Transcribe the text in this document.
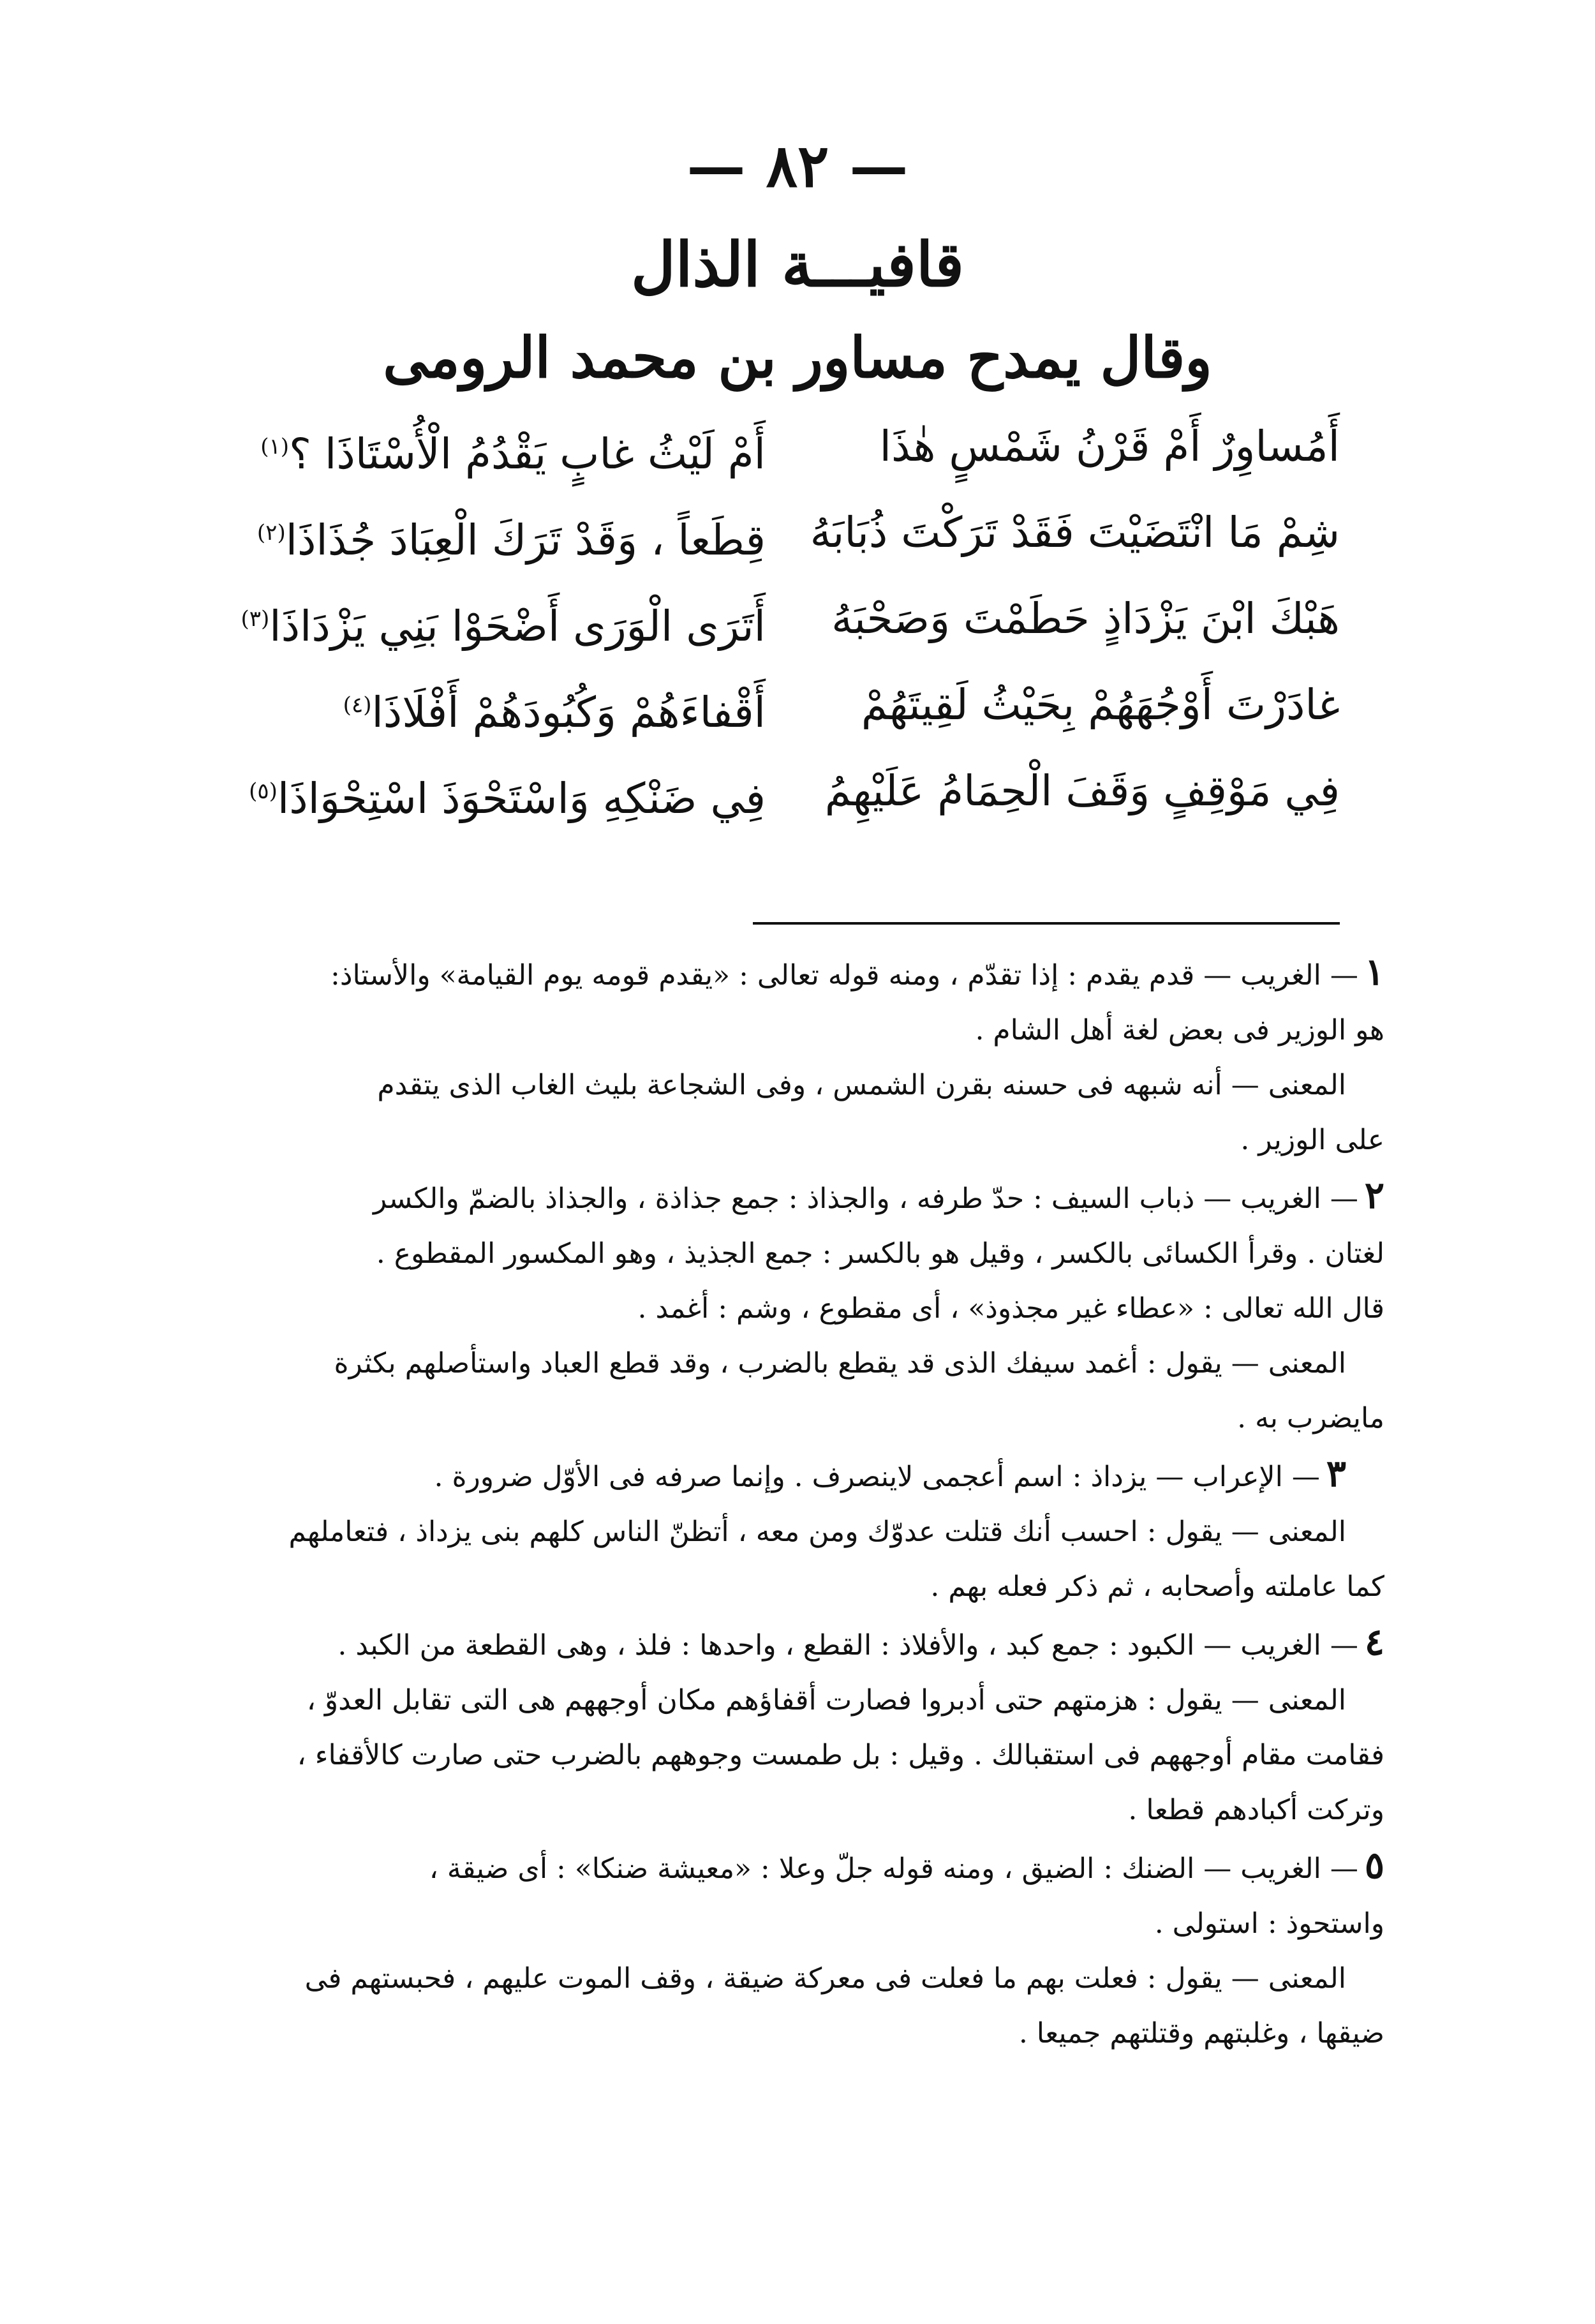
— ٨٢ —
قافيـــة الذال
وقال يمدح مساور بن محمد الرومى
أَمُساوِرٌ أَمْ قَرْنُ شَمْسٍ هٰذَا
أَمْ لَيْثُ غابٍ يَقْدُمُ الْأُسْتَاذَا ؟$^{(١)}$
شِمْ مَا انْتَضَيْتَ فَقَدْ تَرَكْتَ ذُبَابَهُ
قِطَعاً ، وَقَدْ تَرَكَ الْعِبَادَ جُذَاذَا$^{(٢)}$
هَبْكَ ابْنَ يَزْدَاذٍ حَطَمْتَ وَصَحْبَهُ
أَتَرَى الْوَرَى أَضْحَوْا بَنِي يَزْدَاذَا$^{(٣)}$
غادَرْتَ أَوْجُهَهُمْ بِحَيْثُ لَقِيتَهُمْ
أَقْفاءَهُمْ وَكُبُودَهُمْ أَفْلَاذَا$^{(٤)}$
فِي مَوْقِفٍ وَقَفَ الْحِمَامُ عَلَيْهِمُ
فِي ضَنْكِهِ وَاسْتَحْوَذَ اسْتِحْوَاذَا$^{(٥)}$
١— الغريب — قدم يقدم : إذا تقدّم ، ومنه قوله تعالى : «يقدم قومه يوم القيامة» والأستاذ:
هو الوزير فى بعض لغة أهل الشام .
المعنى — أنه شبهه فى حسنه بقرن الشمس ، وفى الشجاعة بليث الغاب الذى يتقدم
على الوزير .
٢— الغريب — ذباب السيف : حدّ طرفه ، والجذاذ : جمع جذاذة ، والجذاذ بالضمّ والكسر
لغتان . وقرأ الكسائى بالكسر ، وقيل هو بالكسر : جمع الجذيذ ، وهو المكسور المقطوع .
قال الله تعالى : «عطاء غير مجذوذ» ، أى مقطوع ، وشم : أغمد .
المعنى — يقول : أغمد سيفك الذى قد يقطع بالضرب ، وقد قطع العباد واستأصلهم بكثرة
مايضرب به .
٣— الإعراب — يزداذ : اسم أعجمى لاينصرف . وإنما صرفه فى الأوّل ضرورة .
المعنى — يقول : احسب أنك قتلت عدوّك ومن معه ، أتظنّ الناس كلهم بنى يزداذ ، فتعاملهم
كما عاملته وأصحابه ، ثم ذكر فعله بهم .
٤— الغريب — الكبود : جمع كبد ، والأفلاذ : القطع ، واحدها : فلذ ، وهى القطعة من الكبد .
المعنى — يقول : هزمتهم حتى أدبروا فصارت أقفاؤهم مكان أوجههم هى التى تقابل العدوّ ،
فقامت مقام أوجههم فى استقبالك . وقيل : بل طمست وجوههم بالضرب حتى صارت كالأقفاء ،
وتركت أكبادهم قطعا .
٥— الغريب — الضنك : الضيق ، ومنه قوله جلّ وعلا : «معيشة ضنكا» : أى ضيقة ،
واستحوذ : استولى .
المعنى — يقول : فعلت بهم ما فعلت فى معركة ضيقة ، وقف الموت عليهم ، فحبستهم فى
ضيقها ، وغلبتهم وقتلتهم جميعا .
